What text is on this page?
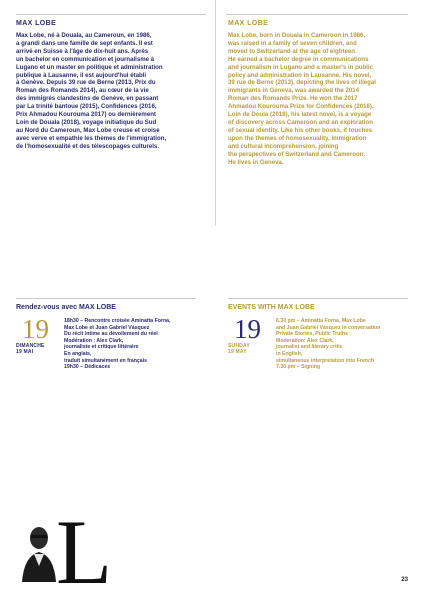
MAX LOBE
Max Lobe, né à Douala, au Cameroun, en 1986,
a grandi dans une famille de sept enfants. Il est
arrivé en Suisse à l'âge de dix-huit ans. Après
un bachelor en communication et journalisme à
Lugano et un master en politique et administration
publique à Lausanne, il est aujourd'hui établi
à Genève. Depuis 39 rue de Berne (2013, Prix du
Roman des Romands 2014), au cœur de la vie
des immigrés clandestins de Genève, en passant
par La trinité bantoue (2015), Confidences (2016,
Prix Ahmadou Kourouma 2017) ou dernièrement
Loin de Douala (2018), voyage initiatique du Sud
au Nord du Cameroun, Max Lobe creuse et croise
avec verve et empathie les thèmes de l'immigration,
de l'homosexualité et des télescopages culturels.
MAX LOBE
Max Lobe, born in Douala in Cameroon in 1986,
was raised in a family of seven children, and
moved to Switzerland at the age of eighteen.
He earned a bachelor degree in communications
and journalism in Lugano and a master's in public
policy and administration in Lausanne. His novel,
39 rue de Berne (2013), depicting the lives of illegal
immigrants in Geneva, was awarded the 2014
Roman des Romands Prize. He won the 2017
Ahmadou Kourouma Prize for Confidences (2016).
Loin de Doula (2018), his latest novel, is a voyage
of discovery across Cameroon and an exploration
of sexual identity. Like his other books, it touches
upon the themes of homosexuality, immigration
and cultural incomprehension, joining
the perspectives of Switzerland and Cameroon.
He lives in Geneva.
Rendez-vous avec MAX LOBE
19
DIMANCHE
19 MAI
18h30 – Rencontre croisée Aminatta Forna,
Max Lobe et Juan Gabriel Vásquez
Du récit intime au dévoilement du réel
Modération : Alex Clark,
journaliste et critique littéraire
En anglais,
traduit simultanément en français
19h30 – Dédicaces
EVENTS WITH MAX LOBE
19
SUNDAY
19 MAY
6.30 pm – Aminatta Forna, Max Lobe
and Juan Gabriel Vásquez in conversation
Private Stories, Public Truths
Moderation: Alex Clark,
journalist and literary critic
in English,
simultaneous interpretation into French
7.30 pm – Signing
L	23
